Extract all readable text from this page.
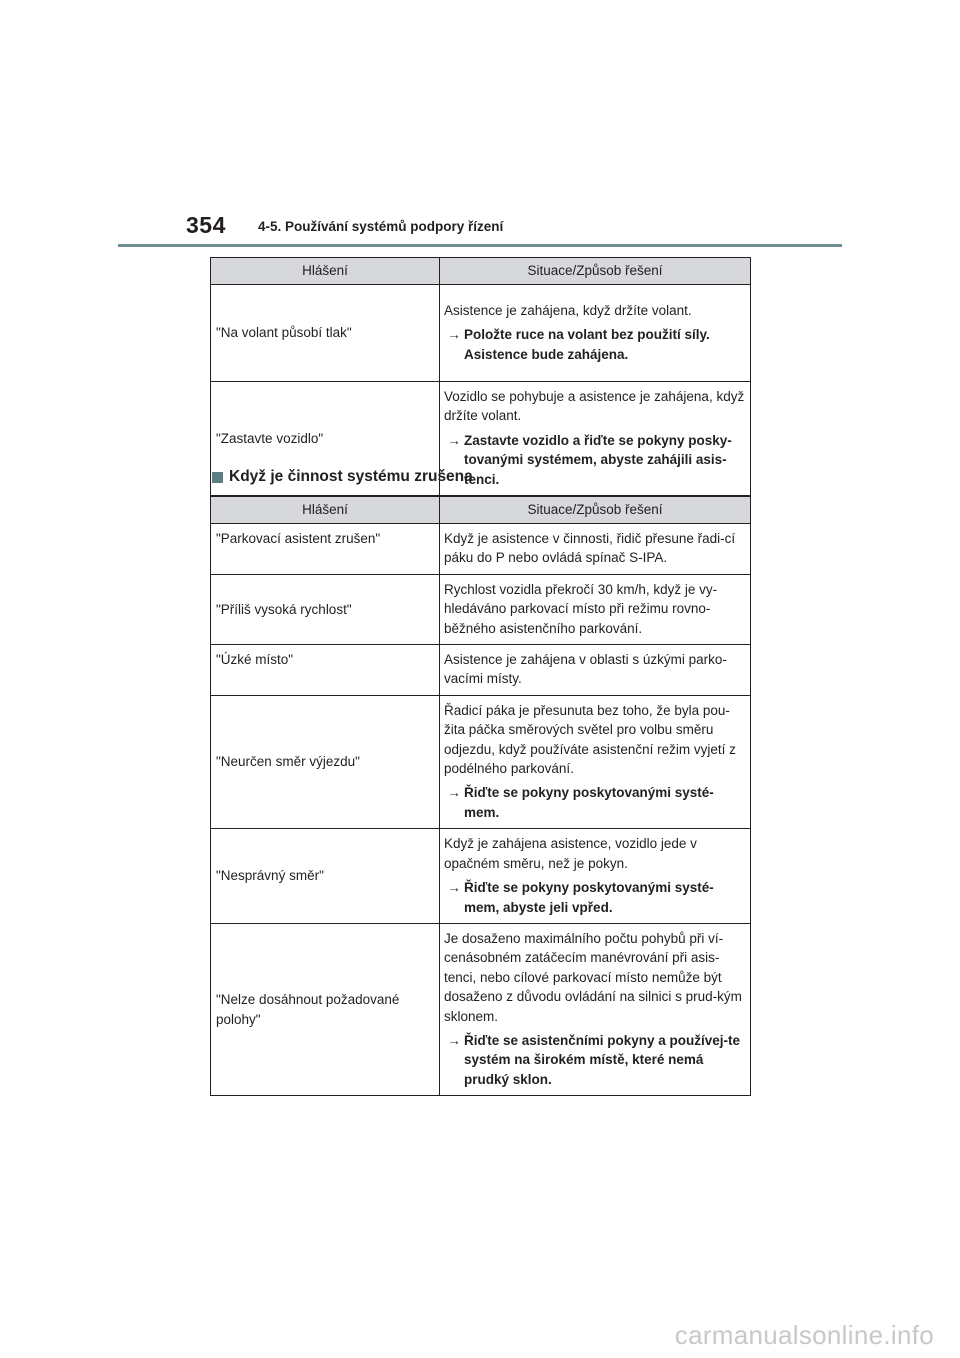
354 4-5. Používání systémů podpory řízení
Hlášení	Situace/Způsob řešení
"Na volant působí tlak"	Asistence je zahájena, když držíte volant.
→ Položte ruce na volant bez použití síly. Asistence bude zahájena.

"Zastavte vozidlo"	Vozidlo se pohybuje a asistence je zahájena, když držíte volant.
→ Zastavte vozidlo a řiďte se pokyny posky-tovanými systémem, abyste zahájili asis-tenci.
Když je činnost systému zrušena
Hlášení	Situace/Způsob řešení
"Parkovací asistent zrušen"	Když je asistence v činnosti, řidič přesune řadi-cí páku do P nebo ovládá spínač S-IPA.

"Příliš vysoká rychlost"	Rychlost vozidla překročí 30 km/h, když je vy-hledáváno parkovací místo při režimu rovno-běžného asistenčního parkování.

"Úzké místo"	Asistence je zahájena v oblasti s úzkými parko-vacími místy.

"Neurčen směr výjezdu"	Řadicí páka je přesunuta bez toho, že byla pou-žita páčka směrových světel pro volbu směru odjezdu, když používáte asistenční režim vyjetí z podélného parkování.
→ Řiďte se pokyny poskytovanými systé-mem.

"Nesprávný směr"	Když je zahájena asistence, vozidlo jede v opačném směru, než je pokyn.
→ Řiďte se pokyny poskytovanými systé-mem, abyste jeli vpřed.

"Nelze dosáhnout požadované polohy"	Je dosaženo maximálního počtu pohybů při ví-cenásobném zatáčecím manévrování při asis-tenci, nebo cílové parkovací místo nemůže být dosaženo z důvodu ovládání na silnici s prud-kým sklonem.
→ Řiďte se asistenčními pokyny a používej-te systém na širokém místě, které nemá prudký sklon.
carmanualsonline.info
